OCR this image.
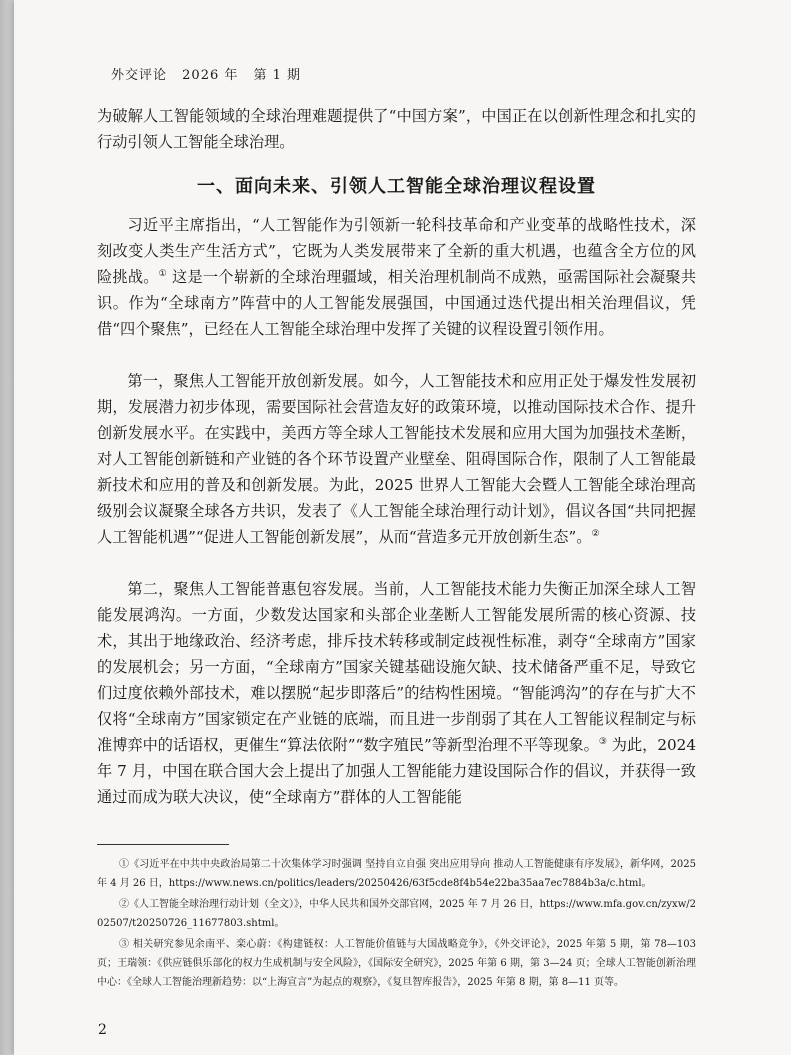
外交评论 2026 年 第 1 期

为破解人工智能领域的全球治理难题提供了“中国方案”，中国正在以创新性理念和扎实的行动引领人工智能全球治理。

一、面向未来、引领人工智能全球治理议程设置

习近平主席指出，“人工智能作为引领新一轮科技革命和产业变革的战略性技术，深刻改变人类生产生活方式”，它既为人类发展带来了全新的重大机遇，也蕴含全方位的风险挑战。① 这是一个崭新的全球治理疆域，相关治理机制尚不成熟，亟需国际社会凝聚共识。作为“全球南方”阵营中的人工智能发展强国，中国通过迭代提出相关治理倡议，凭借“四个聚焦”，已经在人工智能全球治理中发挥了关键的议程设置引领作用。

第一，聚焦人工智能开放创新发展。如今，人工智能技术和应用正处于爆发性发展初期，发展潜力初步体现，需要国际社会营造友好的政策环境，以推动国际技术合作、提升创新发展水平。在实践中，美西方等全球人工智能技术发展和应用大国为加强技术垄断，对人工智能创新链和产业链的各个环节设置产业壁垒、阻碍国际合作，限制了人工智能最新技术和应用的普及和创新发展。为此，2025 世界人工智能大会暨人工智能全球治理高级别会议凝聚全球各方共识，发表了《人工智能全球治理行动计划》，倡议各国“共同把握人工智能机遇”“促进人工智能创新发展”，从而“营造多元开放创新生态”。②

第二，聚焦人工智能普惠包容发展。当前，人工智能技术能力失衡正加深全球人工智能发展鸿沟。一方面，少数发达国家和头部企业垄断人工智能发展所需的核心资源、技术，其出于地缘政治、经济考虑，排斥技术转移或制定歧视性标准，剥夺“全球南方”国家的发展机会；另一方面，“全球南方”国家关键基础设施欠缺、技术储备严重不足，导致它们过度依赖外部技术，难以摆脱“起步即落后”的结构性困境。“智能鸿沟”的存在与扩大不仅将“全球南方”国家锁定在产业链的底端，而且进一步削弱了其在人工智能议程制定与标准博弈中的话语权，更催生“算法依附”“数字殖民”等新型治理不平等现象。③ 为此，2024 年 7 月，中国在联合国大会上提出了加强人工智能能力建设国际合作的倡议，并获得一致通过而成为联大决议，使“全球南方”群体的人工智能能

①《习近平在中共中央政治局第二十次集体学习时强调 坚持自立自强 突出应用导向 推动人工智能健康有序发展》，新华网，2025 年 4 月 26 日，https://www.news.cn/politics/leaders/20250426/63f5cde8f4b54e22ba35aa7ec7884b3a/c.html。

②《人工智能全球治理行动计划（全文）》，中华人民共和国外交部官网，2025 年 7 月 26 日，https://www.mfa.gov.cn/zyxw/202507/t20250726_11677803.shtml。

③ 相关研究参见余南平、栾心蔚：《构建链权：人工智能价值链与大国战略竞争》，《外交评论》，2025 年第 5 期，第 78—103 页；王瑞领：《供应链俱乐部化的权力生成机制与安全风险》，《国际安全研究》，2025 年第 6 期，第 3—24 页；全球人工智能创新治理中心：《全球人工智能治理新趋势：以“上海宣言”为起点的观察》，《复旦智库报告》，2025 年第 8 期，第 8—11 页等。

2
